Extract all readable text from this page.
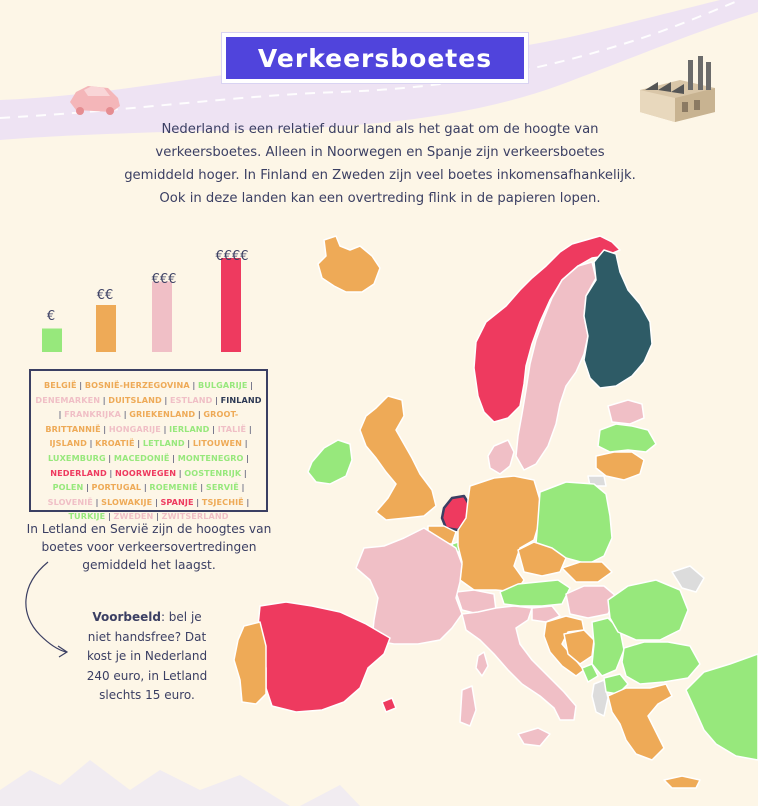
Verkeersboetes

Nederland is een relatief duur land als het gaat om de hoogte van

verkeersboetes. Alleen in Noorwegen en Spanje zijn verkeersboetes

gemiddeld hoger. In Finland en Zweden zijn veel boetes inkomensafhankelijk.

Ook in deze landen kan een overtreding flink in de papieren lopen.

€
€€
€€€
€€€€
BELGIË | BOSNIË-HERZEGOVINA | BULGARIJE | DENEMARKEN | DUITSLAND | ESTLAND | FINLAND | FRANKRIJKA | GRIEKENLAND | GROOT-BRITTANNIË | HONGARIJE | IERLAND | ITALIË | IJSLAND | KROATIË | LETLAND | LITOUWEN | LUXEMBURG | MACEDONIË | MONTENEGRO | NEDERLAND | NOORWEGEN | OOSTENRIJK | POLEN | PORTUGAL | ROEMENIË | SERVIË | SLOVENIË | SLOWAKIJE | SPANJE | TSJECHIË | TURKIJE | ZWEDEN | ZWITSERLAND

In Letland en Servië zijn de hoogtes van

boetes voor verkeersovertredingen

gemiddeld het laagst.

Voorbeeld: bel je niet handsfree? Dat kost je in Nederland 240 euro, in Letland slechts 15 euro.
